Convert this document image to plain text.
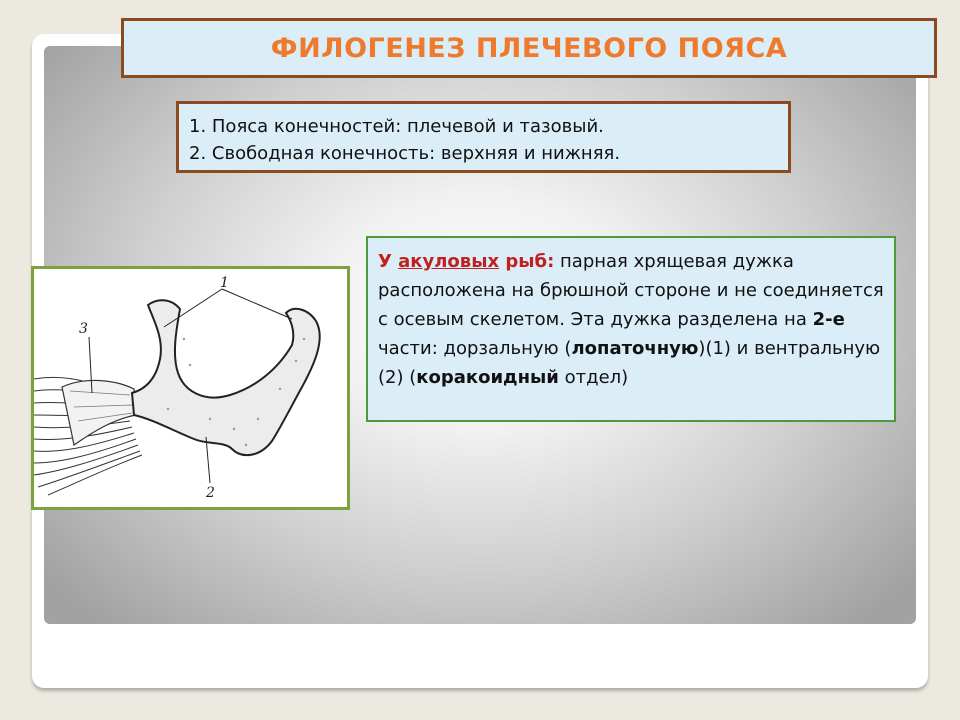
ФИЛОГЕНЕЗ ПЛЕЧЕВОГО ПОЯСА
1. Пояса конечностей: плечевой и тазовый.
2. Свободная конечность: верхняя и нижняя.
1
2
3
У акуловых рыб: парная хрящевая дужка расположена на брюшной стороне и не соединяется с осевым скелетом. Эта дужка разделена на 2-е части: дорзальную (лопаточную)(1) и вентральную (2) (коракоидный отдел)
